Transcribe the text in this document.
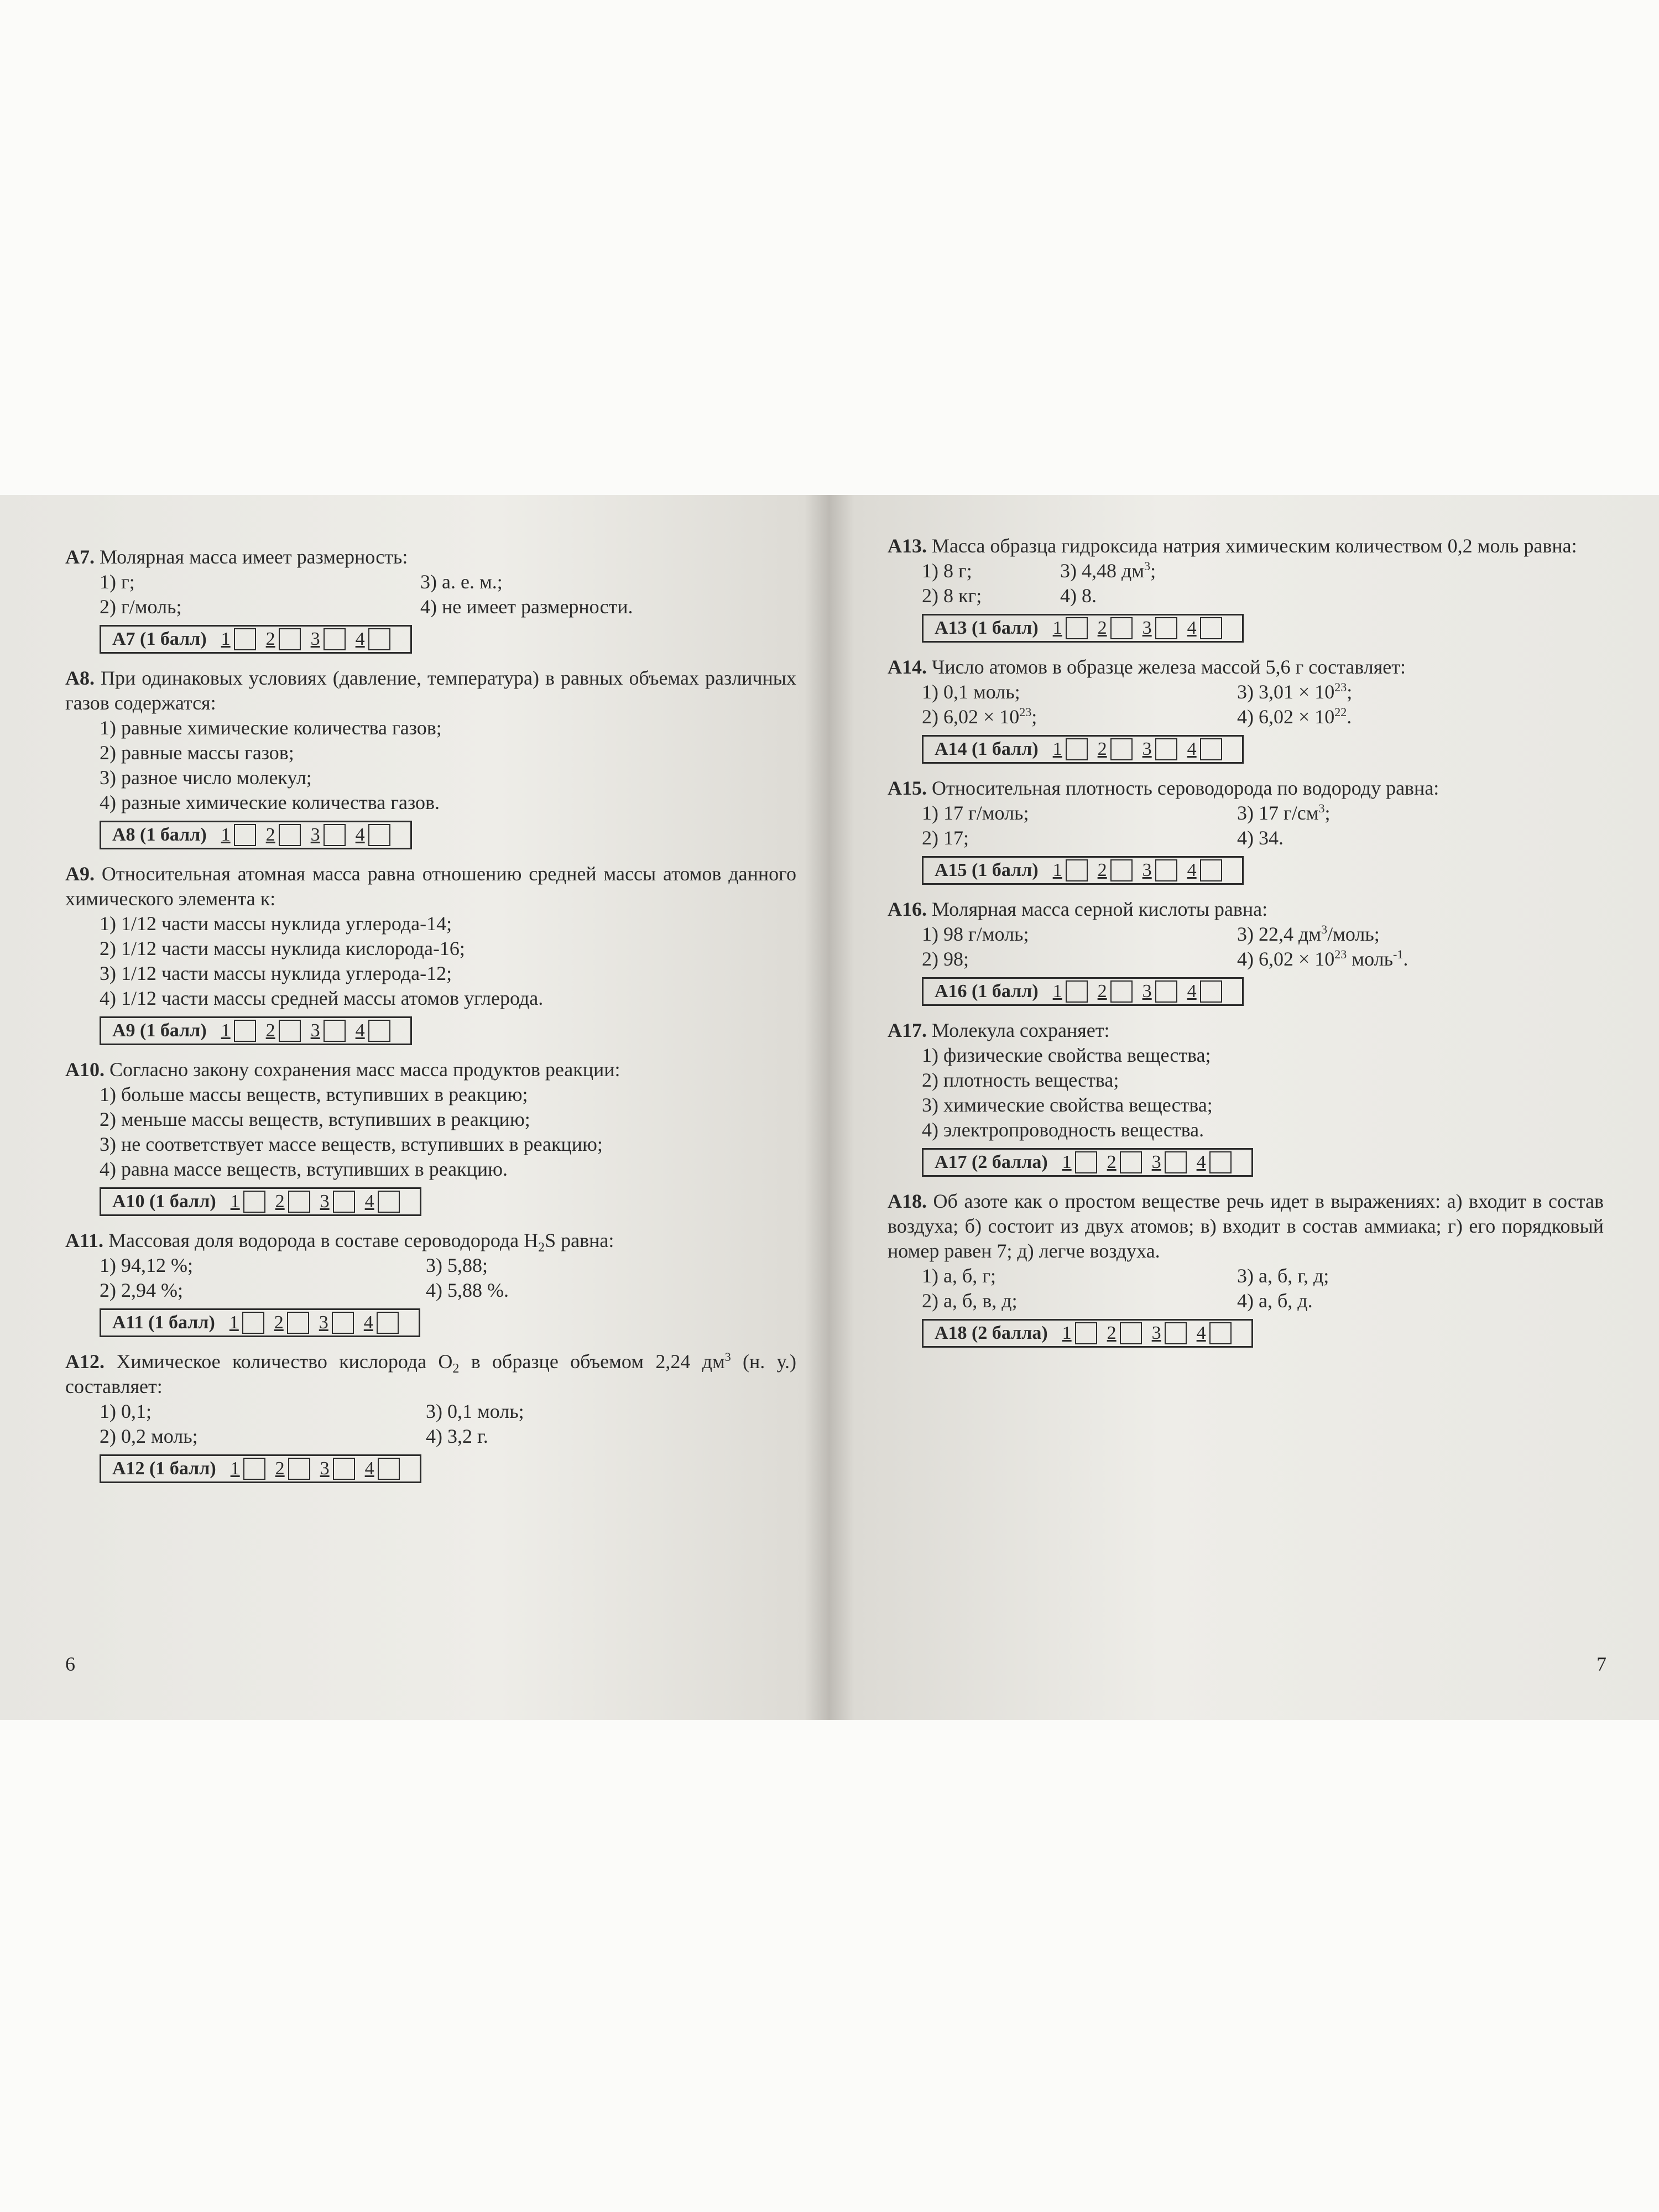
А7. Молярная масса имеет размерность:
1) г;	3) а. е. м.;
2) г/моль;	4) не имеет размерности.
А7 (1 балл) 1 2 3 4
А8. При одинаковых условиях (давление, температура) в равных объемах различных газов содержатся:
1) равные химические количества газов;
2) равные массы газов;
3) разное число молекул;
4) разные химические количества газов.
А8 (1 балл) 1 2 3 4
А9. Относительная атомная масса равна отношению средней массы атомов данного химического элемента к:
1) 1/12 части массы нуклида углерода-14;
2) 1/12 части массы нуклида кислорода-16;
3) 1/12 части массы нуклида углерода-12;
4) 1/12 части массы средней массы атомов углерода.
А9 (1 балл) 1 2 3 4
А10. Согласно закону сохранения масс масса продуктов реакции:
1) больше массы веществ, вступивших в реакцию;
2) меньше массы веществ, вступивших в реакцию;
3) не соответствует массе веществ, вступивших в реакцию;
4) равна массе веществ, вступивших в реакцию.
А10 (1 балл) 1 2 3 4
А11. Массовая доля водорода в составе сероводорода $H_2S$ равна:
1) 94,12 %;	3) 5,88;
2) 2,94 %;	4) 5,88 %.
А11 (1 балл) 1 2 3 4
А12. Химическое количество кислорода $O_2$ в образце объемом 2,24 $дм^3$ (н. у.) составляет:
1) 0,1;	3) 0,1 моль;
2) 0,2 моль;	4) 3,2 г.
А12 (1 балл) 1 2 3 4
6
А13. Масса образца гидроксида натрия химическим количеством 0,2 моль равна:
1) 8 г;	3) 4,48 $дм^3$;
2) 8 кг;	4) 8.
А13 (1 балл) 1 2 3 4
А14. Число атомов в образце железа массой 5,6 г составляет:
1) 0,1 моль;	3) $3,01 \times 10^{23}$;
2) $6,02 \times 10^{23}$;	4) $6,02 \times 10^{22}$.
А14 (1 балл) 1 2 3 4
А15. Относительная плотность сероводорода по водороду равна:
1) 17 г/моль;	3) 17 $г/см^3$;
2) 17;	4) 34.
А15 (1 балл) 1 2 3 4
А16. Молярная масса серной кислоты равна:
1) 98 г/моль;	3) 22,4 $дм^3$/моль;
2) 98;	4) $6,02 \times 10^{23}$ моль$^{-1}$.
А16 (1 балл) 1 2 3 4
А17. Молекула сохраняет:
1) физические свойства вещества;
2) плотность вещества;
3) химические свойства вещества;
4) электропроводность вещества.
А17 (2 балла) 1 2 3 4
А18. Об азоте как о простом веществе речь идет в выражениях: а) входит в состав воздуха; б) состоит из двух атомов; в) входит в состав аммиака; г) его порядковый номер равен 7; д) легче воздуха.
1) а, б, г;	3) а, б, г, д;
2) а, б, в, д;	4) а, б, д.
А18 (2 балла) 1 2 3 4
7
